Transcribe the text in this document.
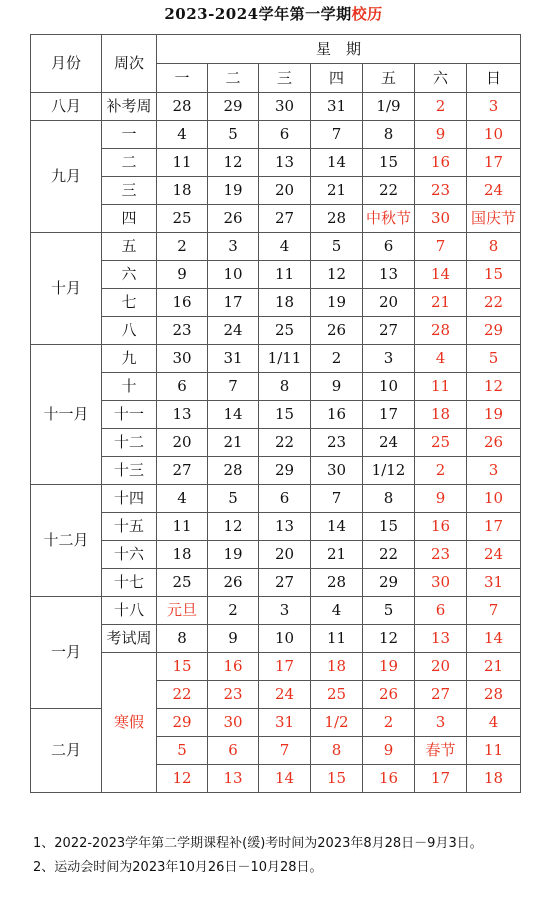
2023-2024学年第一学期校历
月份	周次	星　期						
		一	二	三	四	五	六	日
八月	补考周	28	29	30	31	1/9	2	3
九月	一	4	5	6	7	8	9	10
	二	11	12	13	14	15	16	17
	三	18	19	20	21	22	23	24
	四	25	26	27	28	中秋节	30	国庆节
十月	五	2	3	4	5	6	7	8
	六	9	10	11	12	13	14	15
	七	16	17	18	19	20	21	22
	八	23	24	25	26	27	28	29
十一月	九	30	31	1/11	2	3	4	5
	十	6	7	8	9	10	11	12
	十一	13	14	15	16	17	18	19
	十二	20	21	22	23	24	25	26
	十三	27	28	29	30	1/12	2	3
十二月	十四	4	5	6	7	8	9	10
	十五	11	12	13	14	15	16	17
	十六	18	19	20	21	22	23	24
	十七	25	26	27	28	29	30	31
一月	十八	元旦	2	3	4	5	6	7
	考试周	8	9	10	11	12	13	14
	寒假	15	16	17	18	19	20	21
		22	23	24	25	26	27	28
二月		29	30	31	1/2	2	3	4
		5	6	7	8	9	春节	11
		12	13	14	15	16	17	18
1、2022-2023学年第二学期课程补(缓)考时间为2023年8月28日－9月3日。
2、运动会时间为2023年10月26日－10月28日。
